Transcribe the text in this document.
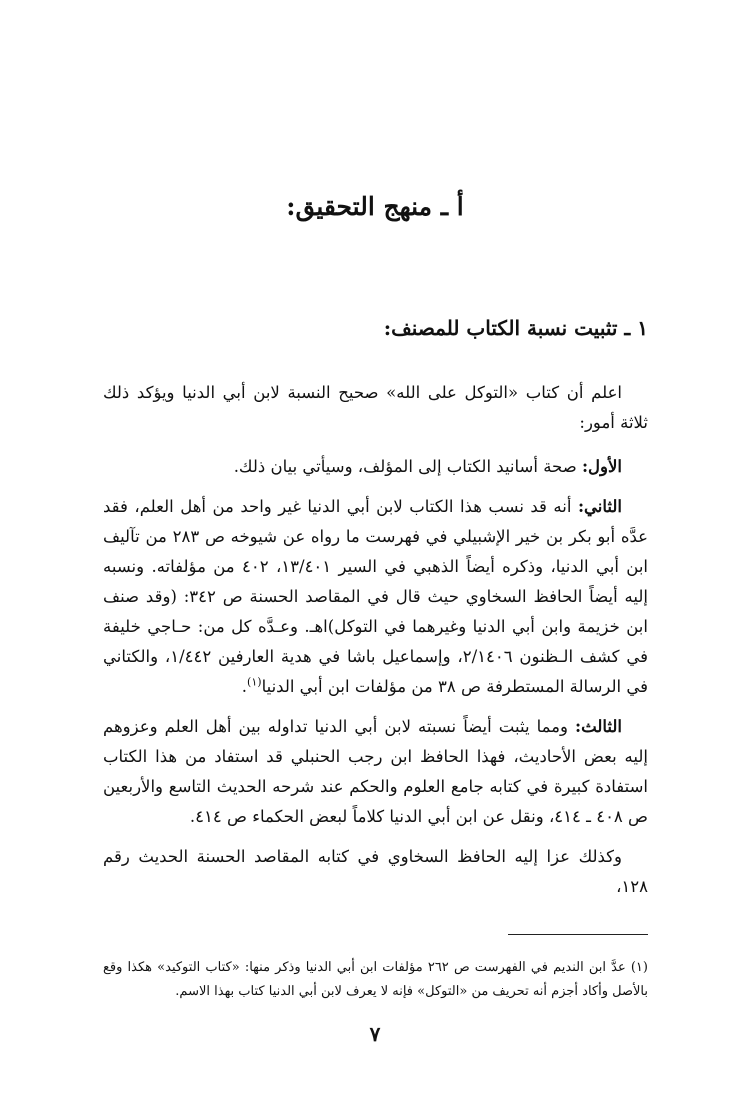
أ ـ منهج التحقيق:
١ ـ تثبيت نسبة الكتاب للمصنف:

اعلم أن كتاب «التوكل على الله» صحيح النسبة لابن أبي الدنيا ويؤكد ذلك ثلاثة أمور:

الأول: صحة أسانيد الكتاب إلى المؤلف، وسيأتي بيان ذلك.

الثاني: أنه قد نسب هذا الكتاب لابن أبي الدنيا غير واحد من أهل العلم، فقد عدَّه أبو بكر بن خير الإشبيلي في فهرست ما رواه عن شيوخه ص ٢٨٣ من تآليف ابن أبي الدنيا، وذكره أيضاً الذهبي في السير ١٣/٤٠١، ٤٠٢ من مؤلفاته. ونسبه إليه أيضاً الحافظ السخاوي حيث قال في المقاصد الحسنة ص ٣٤٢: (وقد صنف ابن خزيمة وابن أبي الدنيا وغيرهما في التوكل)اهـ. وعـدَّه كل من: حـاجي خليفة في كشف الـظنون ٢/١٤٠٦، وإسماعيل باشا في هدية العارفين ١/٤٤٢، والكتاني في الرسالة المستطرفة ص ٣٨ من مؤلفات ابن أبي الدنيا$^{(١)}$.

الثالث: ومما يثبت أيضاً نسبته لابن أبي الدنيا تداوله بين أهل العلم وعزوهم إليه بعض الأحاديث، فهذا الحافظ ابن رجب الحنبلي قد استفاد من هذا الكتاب استفادة كبيرة في كتابه جامع العلوم والحكم عند شرحه الحديث التاسع والأربعين ص ٤٠٨ ـ ٤١٤، ونقل عن ابن أبي الدنيا كلاماً لبعض الحكماء ص ٤١٤.

وكذلك عزا إليه الحافظ السخاوي في كتابه المقاصد الحسنة الحديث رقم ١٢٨،

(١) عدَّ ابن النديم في الفهرست ص ٢٦٢ مؤلفات ابن أبي الدنيا وذكر منها: «كتاب التوكيد» هكذا وقع بالأصل وأكاد أجزم أنه تحريف من «التوكل» فإنه لا يعرف لابن أبي الدنيا كتاب بهذا الاسم.
٧
